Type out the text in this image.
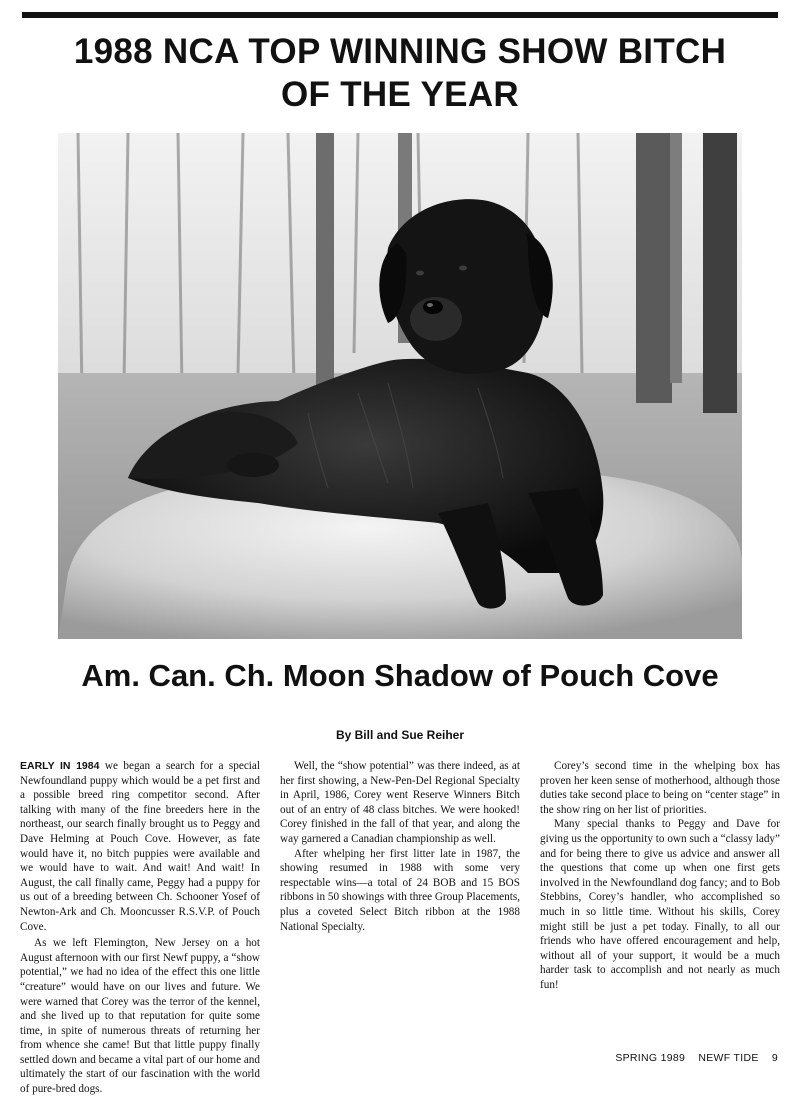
1988 NCA TOP WINNING SHOW BITCH
OF THE YEAR
Am. Can. Ch. Moon Shadow of Pouch Cove
By Bill and Sue Reiher

EARLY IN 1984 we began a search for a special Newfoundland puppy which would be a pet first and a possible breed ring competitor second. After talking with many of the fine breeders here in the northeast, our search finally brought us to Peggy and Dave Helming at Pouch Cove. However, as fate would have it, no bitch puppies were available and we would have to wait. And wait! And wait! In August, the call finally came, Peggy had a puppy for us out of a breeding between Ch. Schooner Yosef of Newton-Ark and Ch. Mooncusser R.S.V.P. of Pouch Cove.

As we left Flemington, New Jersey on a hot August afternoon with our first Newf puppy, a “show potential,” we had no idea of the effect this one little “creature” would have on our lives and future. We were warned that Corey was the terror of the kennel, and she lived up to that reputation for quite some time, in spite of numerous threats of returning her from whence she came! But that little puppy finally settled down and became a vital part of our home and ultimately the start of our fascination with the world of pure-bred dogs.

Well, the “show potential” was there indeed, as at her first showing, a New-Pen-Del Regional Specialty in April, 1986, Corey went Reserve Winners Bitch out of an entry of 48 class bitches. We were hooked! Corey finished in the fall of that year, and along the way garnered a Canadian championship as well.

After whelping her first litter late in 1987, the showing resumed in 1988 with some very respectable wins—a total of 24 BOB and 15 BOS ribbons in 50 showings with three Group Placements, plus a coveted Select Bitch ribbon at the 1988 National Specialty.

Corey’s second time in the whelping box has proven her keen sense of motherhood, although those duties take second place to being on “center stage” in the show ring on her list of priorities.

Many special thanks to Peggy and Dave for giving us the opportunity to own such a “classy lady” and for being there to give us advice and answer all the questions that come up when one first gets involved in the Newfoundland dog fancy; and to Bob Stebbins, Corey’s handler, who accomplished so much in so little time. Without his skills, Corey might still be just a pet today. Finally, to all our friends who have offered encouragement and help, without all of your support, it would be a much harder task to accomplish and not nearly as much fun!

SPRING 1989 NEWF TIDE 9
